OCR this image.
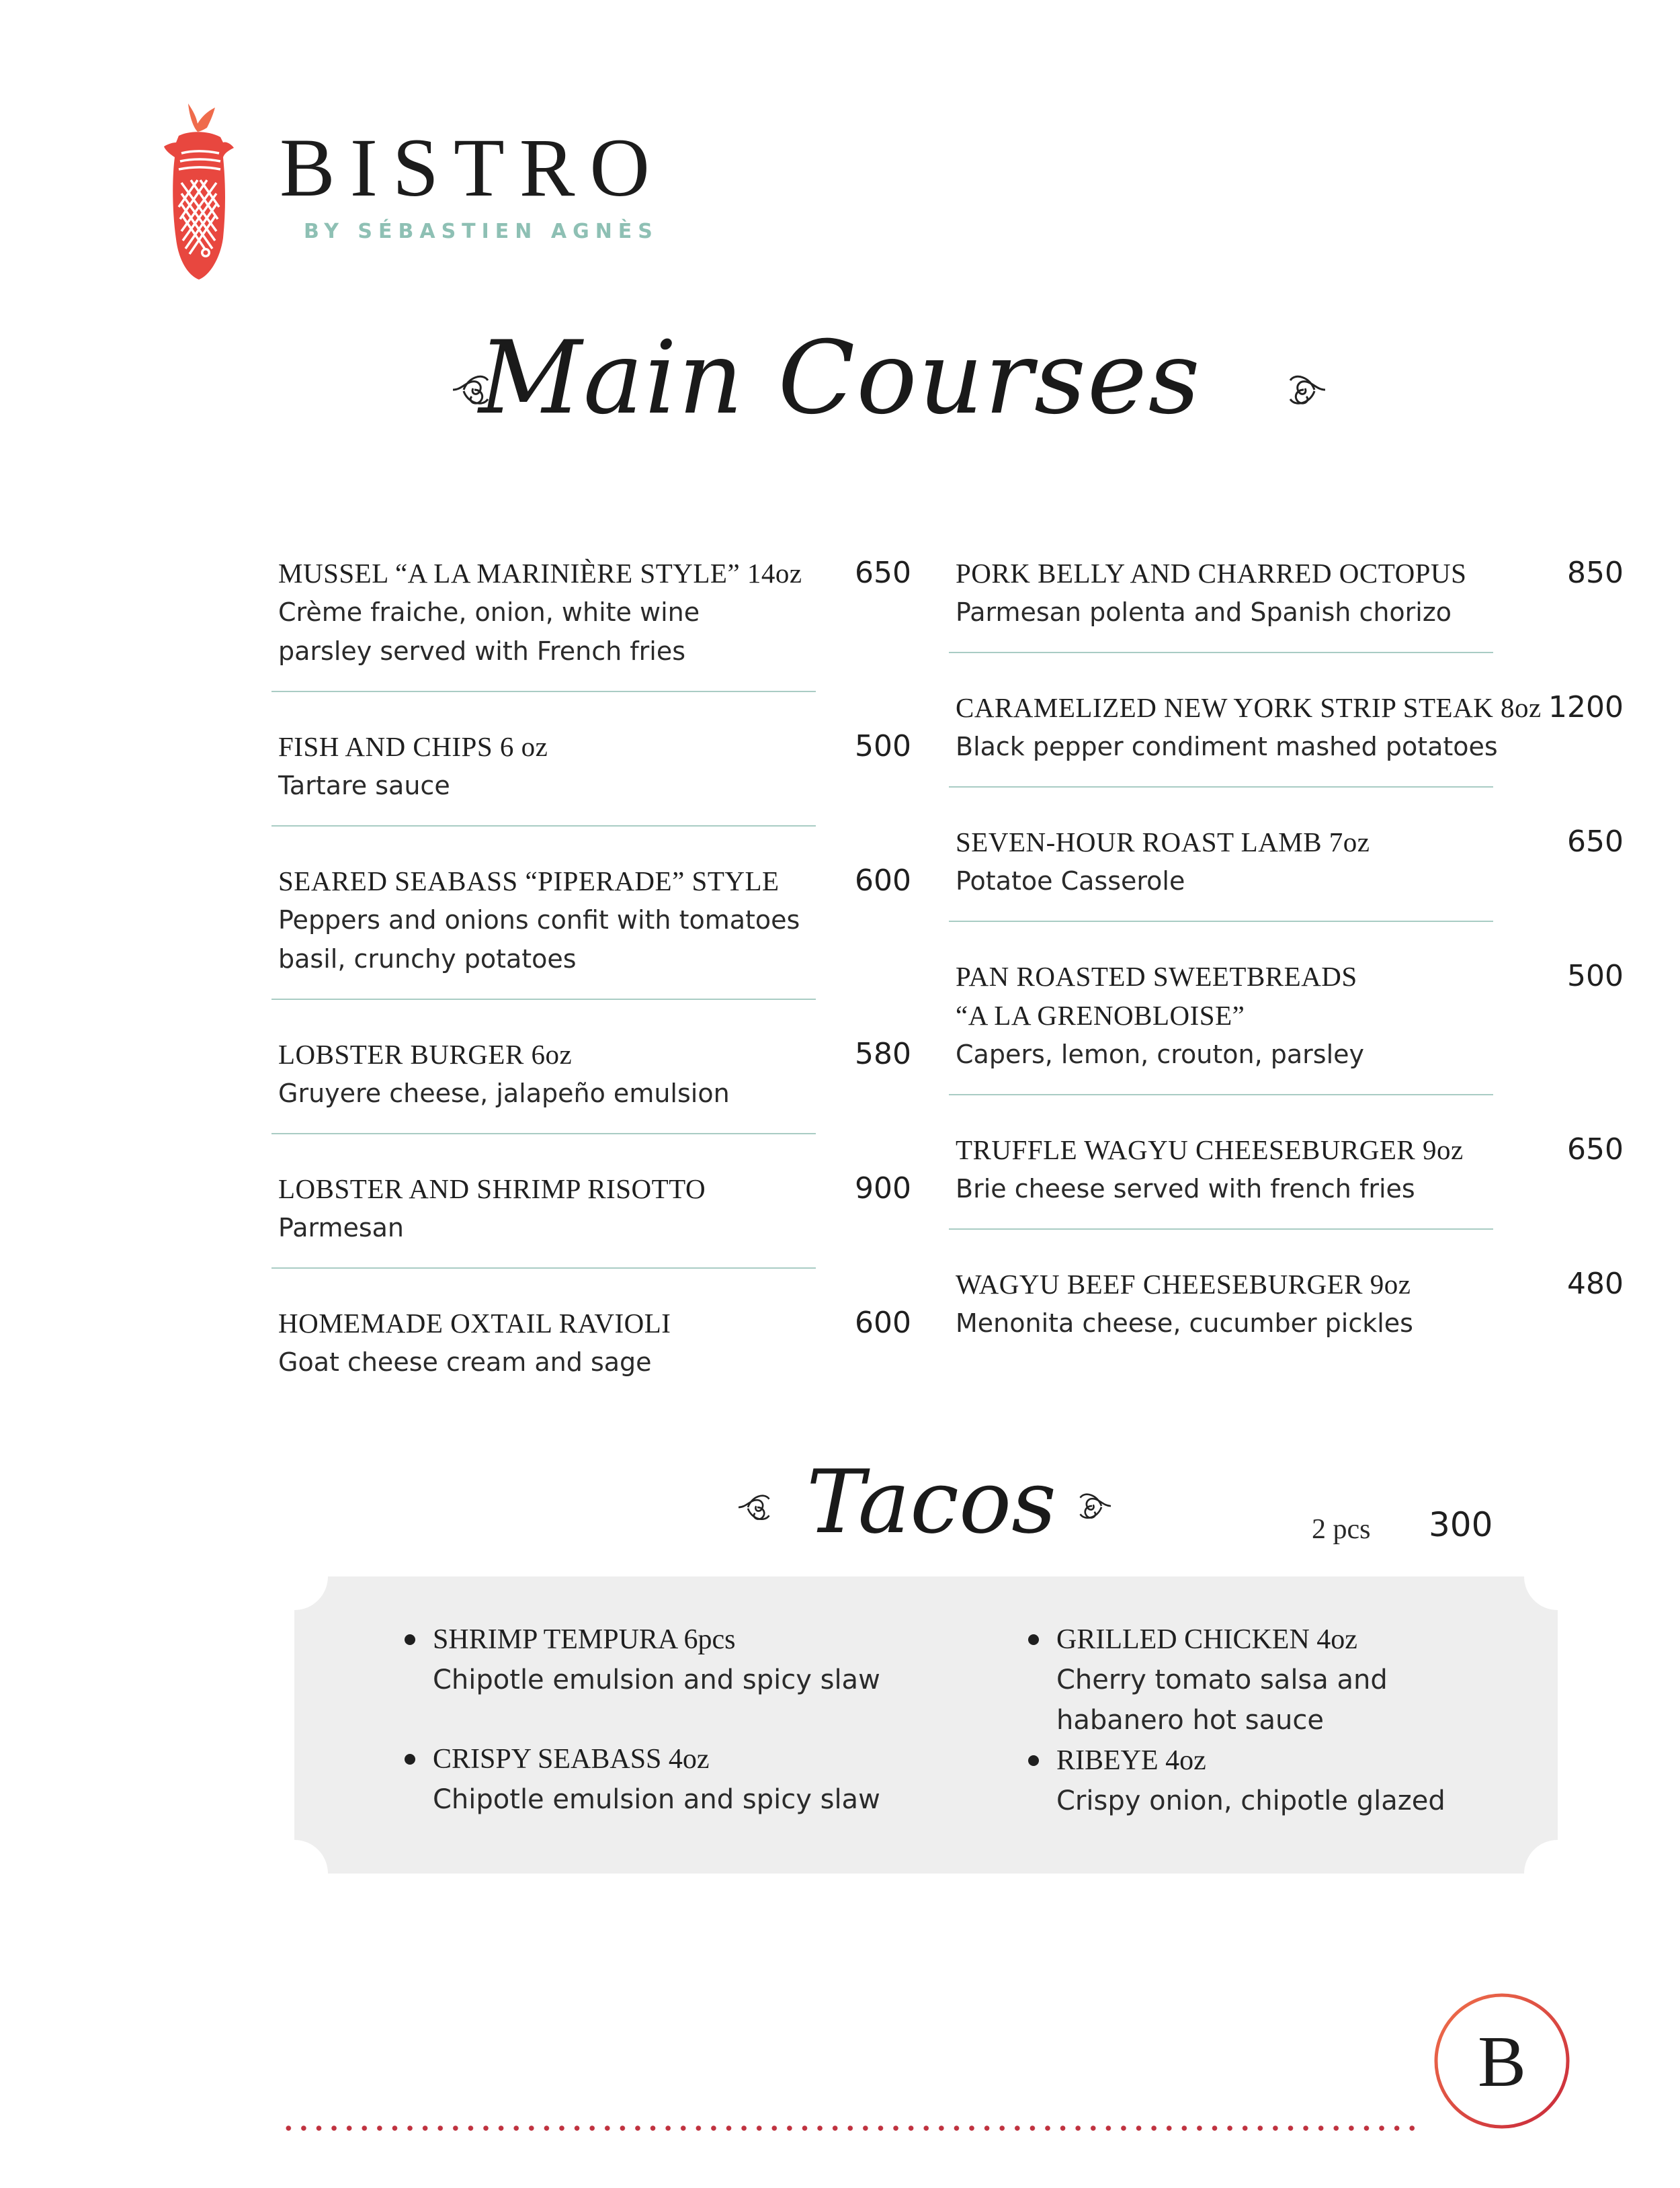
BISTRO
BY SÉBASTIEN AGNÈS
Main Courses
MUSSEL “A LA MARINIÈRE STYLE” 14oz
Crème fraiche, onion, white wine
parsley served with French fries
650
FISH AND CHIPS 6 oz
Tartare sauce
500
SEARED SEABASS “PIPERADE” STYLE
Peppers and onions confit with tomatoes
basil, crunchy potatoes
600
LOBSTER BURGER 6oz
Gruyere cheese, jalapeño emulsion
580
LOBSTER AND SHRIMP RISOTTO
Parmesan
900
HOMEMADE OXTAIL RAVIOLI
Goat cheese cream and sage
600
PORK BELLY AND CHARRED OCTOPUS
Parmesan polenta and Spanish chorizo
850
CARAMELIZED NEW YORK STRIP STEAK 8oz
Black pepper condiment mashed potatoes
1200
SEVEN-HOUR ROAST LAMB 7oz
Potatoe Casserole
650
PAN ROASTED SWEETBREADS
“A LA GRENOBLOISE”
Capers, lemon, crouton, parsley
500
TRUFFLE WAGYU CHEESEBURGER 9oz
Brie cheese served with french fries
650
WAGYU BEEF CHEESEBURGER 9oz
Menonita cheese, cucumber pickles
480
Tacos	2 pcs 300
SHRIMP TEMPURA 6pcs
Chipotle emulsion and spicy slaw
CRISPY SEABASS 4oz
Chipotle emulsion and spicy slaw
GRILLED CHICKEN 4oz
Cherry tomato salsa and
habanero hot sauce
RIBEYE 4oz
Crispy onion, chipotle glazed
B
